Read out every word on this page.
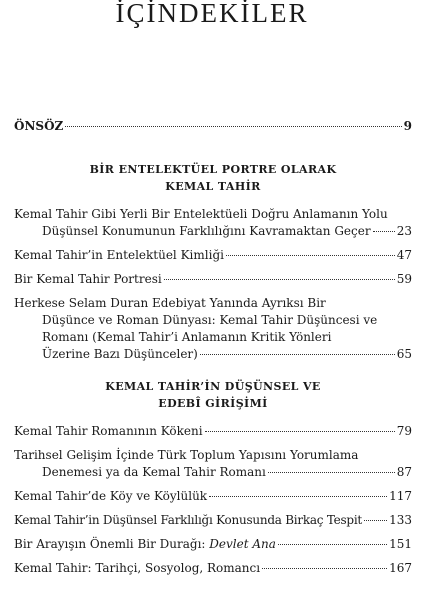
İÇİNDEKİLER
ÖNSÖZ	9
BİR ENTELEKTÜEL PORTRE OLARAK
KEMAL TAHİR
Kemal Tahir Gibi Yerli Bir Entelektüeli Doğru Anlamanın Yolu
Düşünsel Konumunun Farklılığını Kavramaktan Geçer 23
Kemal Tahir’in Entelektüel Kimliği	47
Bir Kemal Tahir Portresi	59
Herkese Selam Duran Edebiyat Yanında Ayrıksı Bir
Düşünce ve Roman Dünyası: Kemal Tahir Düşüncesi ve
Romanı (Kemal Tahir’i Anlamanın Kritik Yönleri
Üzerine Bazı Düşünceler)	65
KEMAL TAHİR’İN DÜŞÜNSEL VE
EDEBÎ GİRİŞİMİ
Kemal Tahir Romanının Kökeni	79
Tarihsel Gelişim İçinde Türk Toplum Yapısını Yorumlama
Denemesi ya da Kemal Tahir Romanı	87
Kemal Tahir’de Köy ve Köylülük	117
Kemal Tahir’in Düşünsel Farklılığı Konusunda Birkaç Tespit 133
Bir Arayışın Önemli Bir Durağı: Devlet Ana	151
Kemal Tahir: Tarihçi, Sosyolog, Romancı	167
